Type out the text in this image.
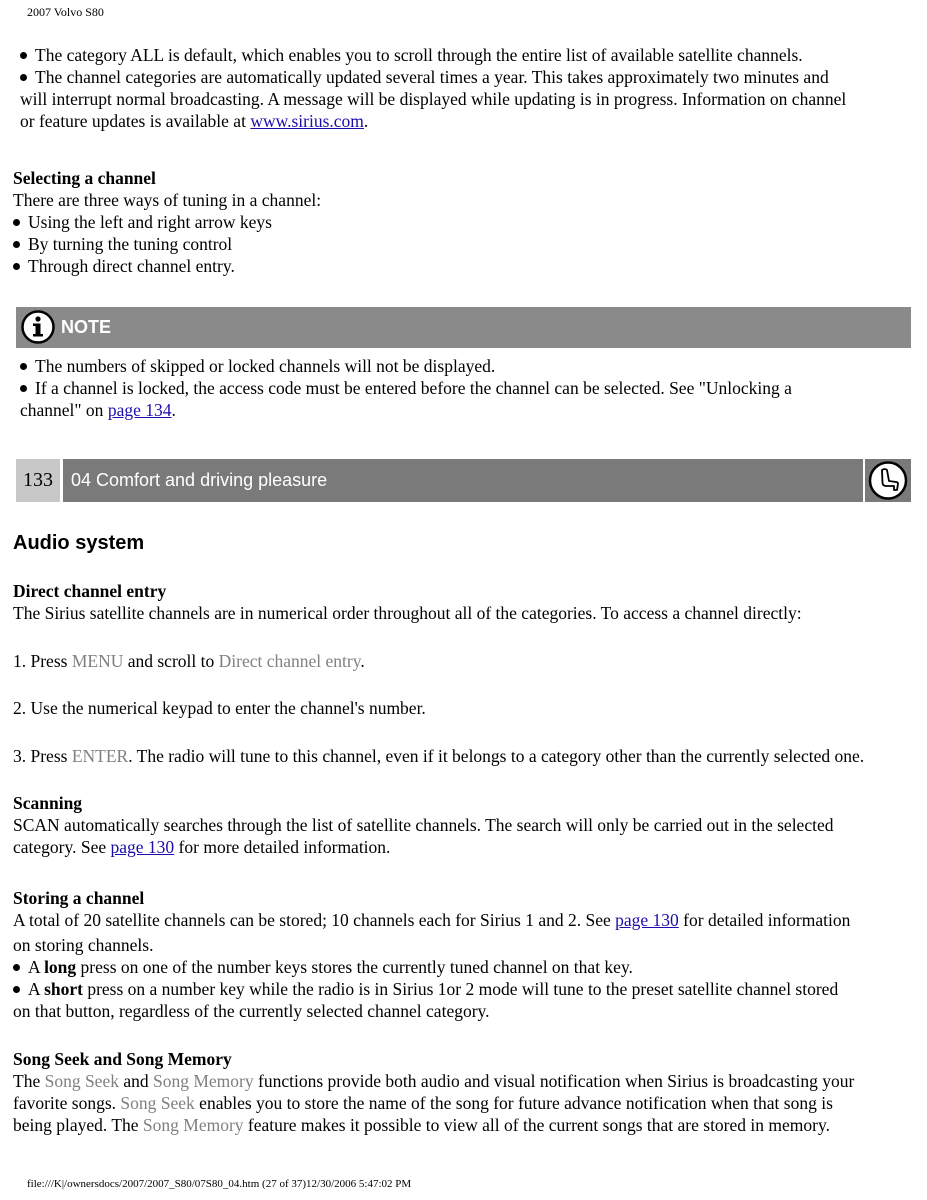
2007 Volvo S80
The category ALL is default, which enables you to scroll through the entire list of available satellite channels.
The channel categories are automatically updated several times a year. This takes approximately two minutes and
will interrupt normal broadcasting. A message will be displayed while updating is in progress. Information on channel
or feature updates is available at www.sirius.com.
Selecting a channel
There are three ways of tuning in a channel:
Using the left and right arrow keys
By turning the tuning control
Through direct channel entry.
NOTE
The numbers of skipped or locked channels will not be displayed.
If a channel is locked, the access code must be entered before the channel can be selected. See "Unlocking a
channel" on page 134.
133	04 Comfort and driving pleasure
Audio system
Direct channel entry
The Sirius satellite channels are in numerical order throughout all of the categories. To access a channel directly:
1. Press MENU and scroll to Direct channel entry.
2. Use the numerical keypad to enter the channel's number.
3. Press ENTER. The radio will tune to this channel, even if it belongs to a category other than the currently selected one.
Scanning
SCAN automatically searches through the list of satellite channels. The search will only be carried out in the selected
category. See page 130 for more detailed information.
Storing a channel
A total of 20 satellite channels can be stored; 10 channels each for Sirius 1 and 2. See page 130 for detailed information
on storing channels.
A long press on one of the number keys stores the currently tuned channel on that key.
A short press on a number key while the radio is in Sirius 1or 2 mode will tune to the preset satellite channel stored
on that button, regardless of the currently selected channel category.
Song Seek and Song Memory
The Song Seek and Song Memory functions provide both audio and visual notification when Sirius is broadcasting your
favorite songs. Song Seek enables you to store the name of the song for future advance notification when that song is
being played. The Song Memory feature makes it possible to view all of the current songs that are stored in memory.
file:///K|/ownersdocs/2007/2007_S80/07S80_04.htm (27 of 37)12/30/2006 5:47:02 PM
